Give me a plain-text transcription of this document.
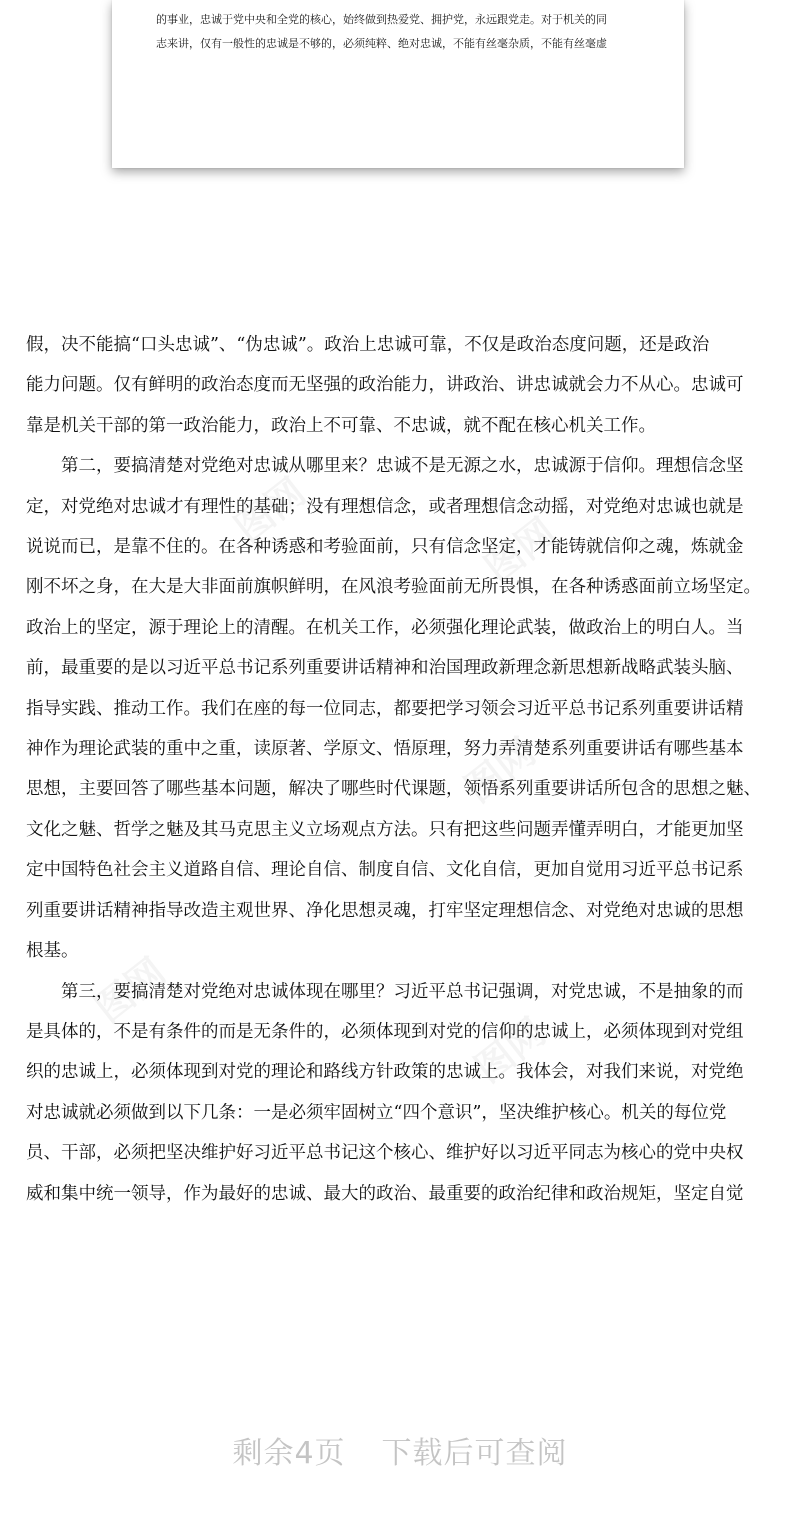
图网	图网
图网
图网
图网
的事业，忠诚于党中央和全党的核心，始终做到热爱党、拥护党，永远跟党走。对于机关的同
志来讲，仅有一般性的忠诚是不够的，必须纯粹、绝对忠诚，不能有丝毫杂质，不能有丝毫虚

假，决不能搞“口头忠诚”、“伪忠诚”。政治上忠诚可靠，不仅是政治态度问题，还是政治
能力问题。仅有鲜明的政治态度而无坚强的政治能力，讲政治、讲忠诚就会力不从心。忠诚可
靠是机关干部的第一政治能力，政治上不可靠、不忠诚，就不配在核心机关工作。

第二，要搞清楚对党绝对忠诚从哪里来？忠诚不是无源之水，忠诚源于信仰。理想信念坚
定，对党绝对忠诚才有理性的基础；没有理想信念，或者理想信念动摇，对党绝对忠诚也就是
说说而已，是靠不住的。在各种诱惑和考验面前，只有信念坚定，才能铸就信仰之魂，炼就金
刚不坏之身，在大是大非面前旗帜鲜明，在风浪考验面前无所畏惧，在各种诱惑面前立场坚定。
政治上的坚定，源于理论上的清醒。在机关工作，必须强化理论武装，做政治上的明白人。当
前，最重要的是以习近平总书记系列重要讲话精神和治国理政新理念新思想新战略武装头脑、
指导实践、推动工作。我们在座的每一位同志，都要把学习领会习近平总书记系列重要讲话精
神作为理论武装的重中之重，读原著、学原文、悟原理，努力弄清楚系列重要讲话有哪些基本
思想，主要回答了哪些基本问题，解决了哪些时代课题，领悟系列重要讲话所包含的思想之魅、
文化之魅、哲学之魅及其马克思主义立场观点方法。只有把这些问题弄懂弄明白，才能更加坚
定中国特色社会主义道路自信、理论自信、制度自信、文化自信，更加自觉用习近平总书记系
列重要讲话精神指导改造主观世界、净化思想灵魂，打牢坚定理想信念、对党绝对忠诚的思想
根基。

第三，要搞清楚对党绝对忠诚体现在哪里？习近平总书记强调，对党忠诚，不是抽象的而
是具体的，不是有条件的而是无条件的，必须体现到对党的信仰的忠诚上，必须体现到对党组
织的忠诚上，必须体现到对党的理论和路线方针政策的忠诚上。我体会，对我们来说，对党绝
对忠诚就必须做到以下几条：一是必须牢固树立“四个意识”，坚决维护核心。机关的每位党
员、干部，必须把坚决维护好习近平总书记这个核心、维护好以习近平同志为核心的党中央权
威和集中统一领导，作为最好的忠诚、最大的政治、最重要的政治纪律和政治规矩，坚定自觉

剩余4页 下载后可查阅
